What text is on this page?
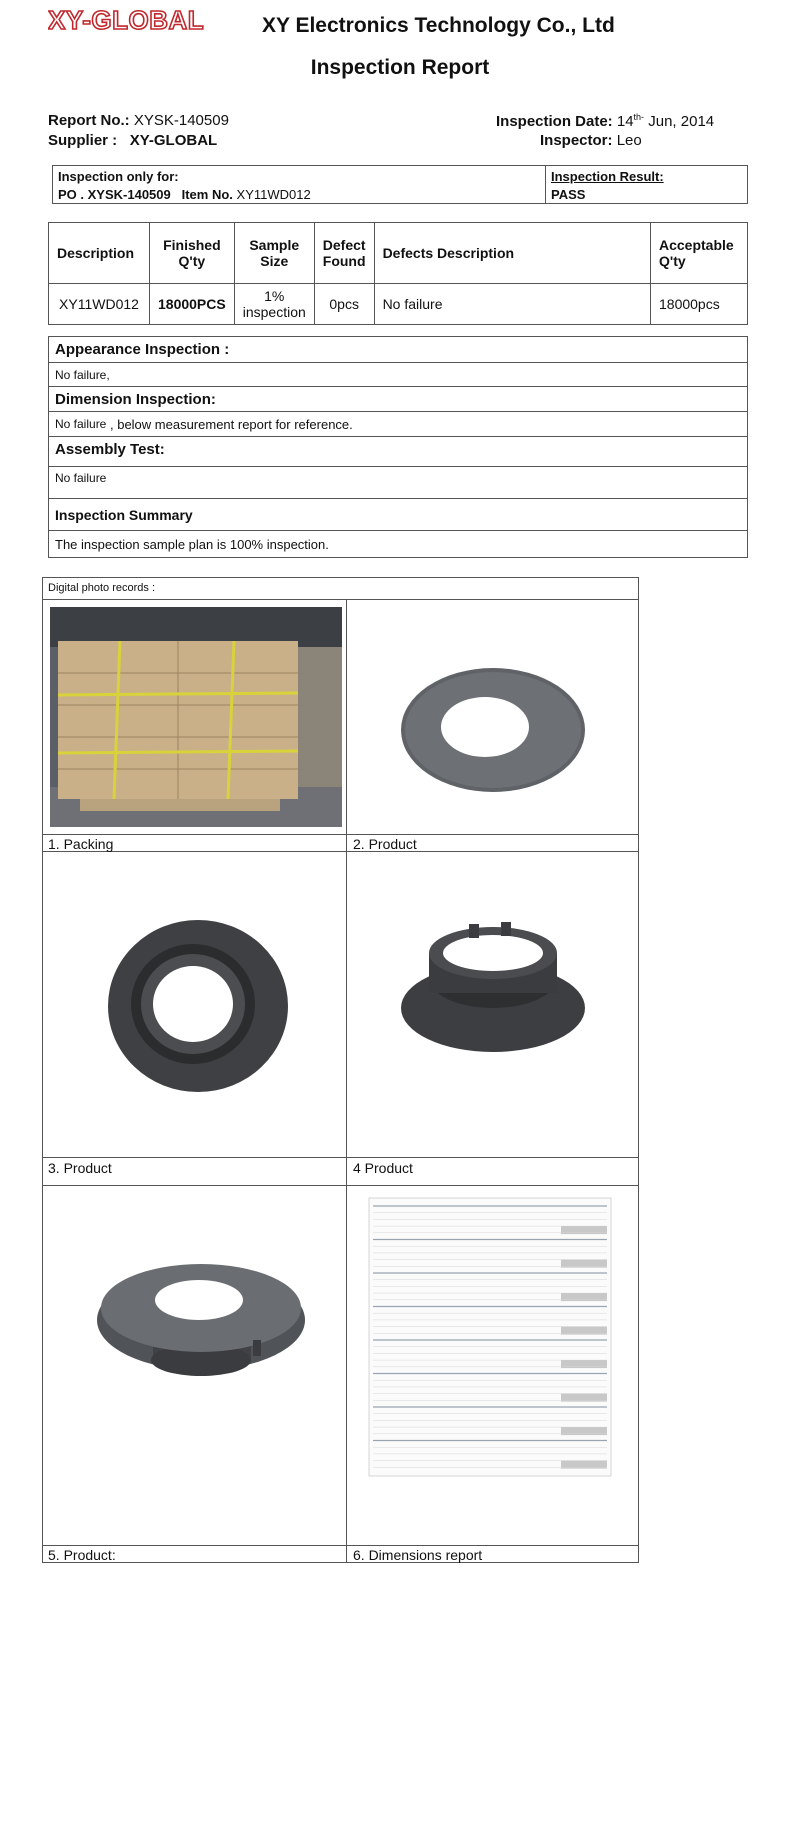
XY-GLOBAL	XY Electronics Technology Co., Ltd
Inspection Report
Report No.: XYSK-140509
Supplier : XY-GLOBAL
Inspection Date: $14^{th-}$ Jun, 2014
Inspector: Leo
Inspection only for:
PO . XYSK-140509 Item No. XY11WD012
Inspection Result:
PASS
Description	Finished Q'ty	Sample Size	Defect Found	Defects Description	Acceptable Q'ty
XY11WD012	18000PCS	1% inspection	0pcs	No failure	18000pcs
Appearance Inspection :
No failure,
Dimension Inspection:
No failure
, below measurement report for reference.
Assembly Test:
No failure
Inspection Summary
The inspection sample plan is 100% inspection.
Digital photo records :
1. Packing	2. Product
3. Product	4 Product
5. Product:	6. Dimensions report
